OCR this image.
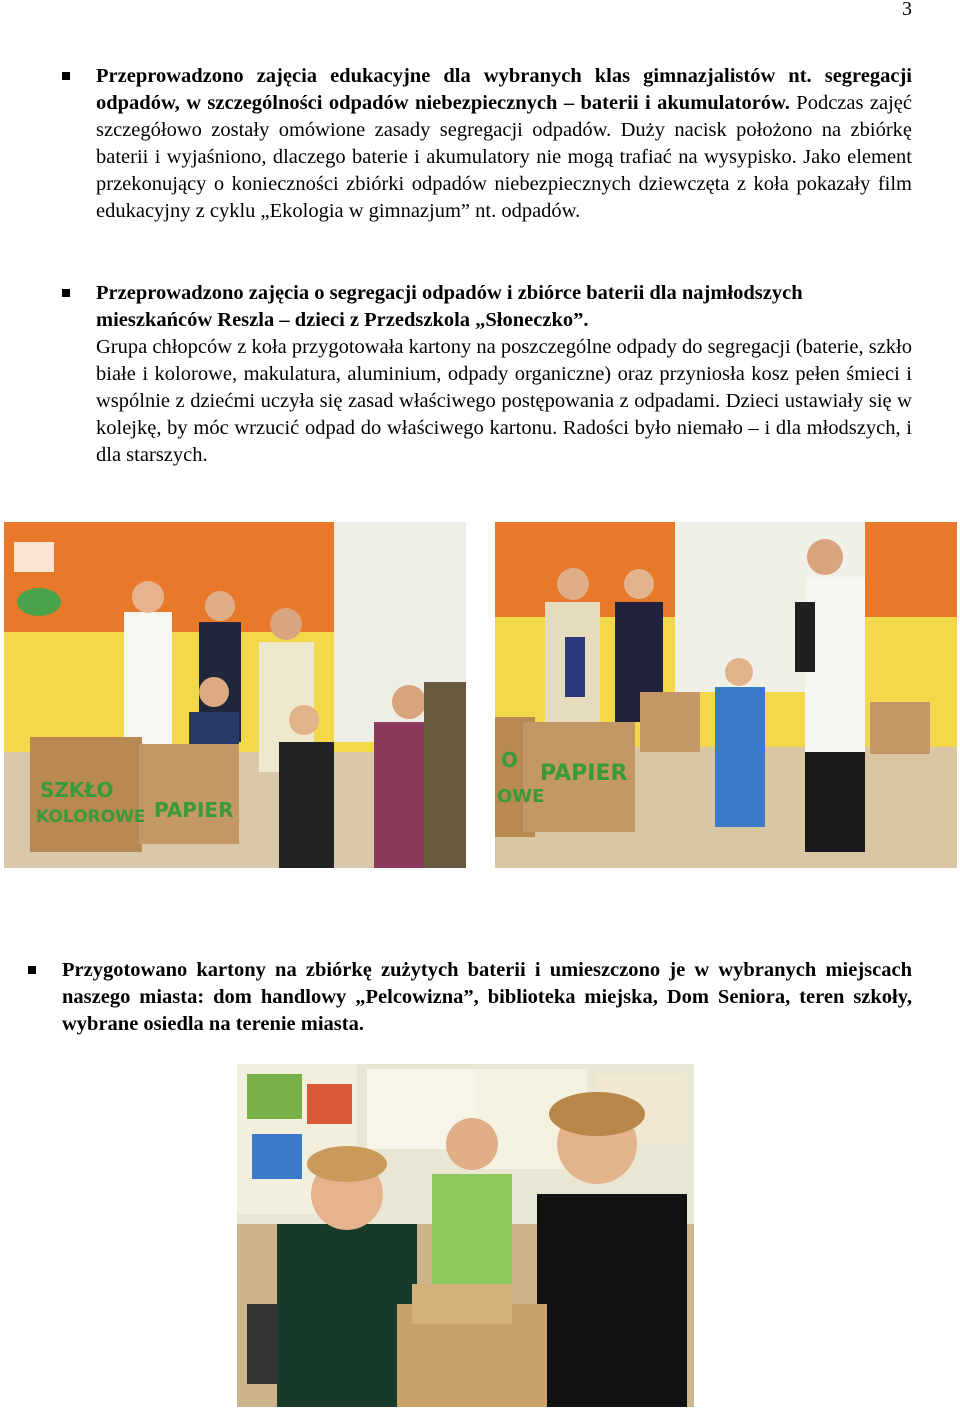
3
Przeprowadzono zajęcia edukacyjne dla wybranych klas gimnazjalistów nt. segregacji odpadów, w szczególności odpadów niebezpiecznych – baterii i akumulatorów. Podczas zajęć szczegółowo zostały omówione zasady segregacji odpadów. Duży nacisk położono na zbiórkę baterii i wyjaśniono, dlaczego baterie i akumulatory nie mogą trafiać na wysypisko. Jako element przekonujący o konieczności zbiórki odpadów niebezpiecznych dziewczęta z koła pokazały film edukacyjny z cyklu „Ekologia w gimnazjum” nt. odpadów.
Przeprowadzono zajęcia o segregacji odpadów i zbiórce baterii dla najmłodszych mieszkańców Reszla – dzieci z Przedszkola „Słoneczko”.
Grupa chłopców z koła przygotowała kartony na poszczególne odpady do segregacji (baterie, szkło białe i kolorowe, makulatura, aluminium, odpady organiczne) oraz przyniosła kosz pełen śmieci i wspólnie z dziećmi uczyła się zasad właściwego postępowania z odpadami. Dzieci ustawiały się w kolejkę, by móc wrzucić odpad do właściwego kartonu. Radości było niemało – i dla młodszych, i dla starszych.
SZKŁO
KOLOROWE PAPIER
O
OWE
PAPIER
Przygotowano kartony na zbiórkę zużytych baterii i umieszczono je w wybranych miejscach naszego miasta: dom handlowy „Pelcowizna”, biblioteka miejska, Dom Seniora, teren szkoły, wybrane osiedla na terenie miasta.
